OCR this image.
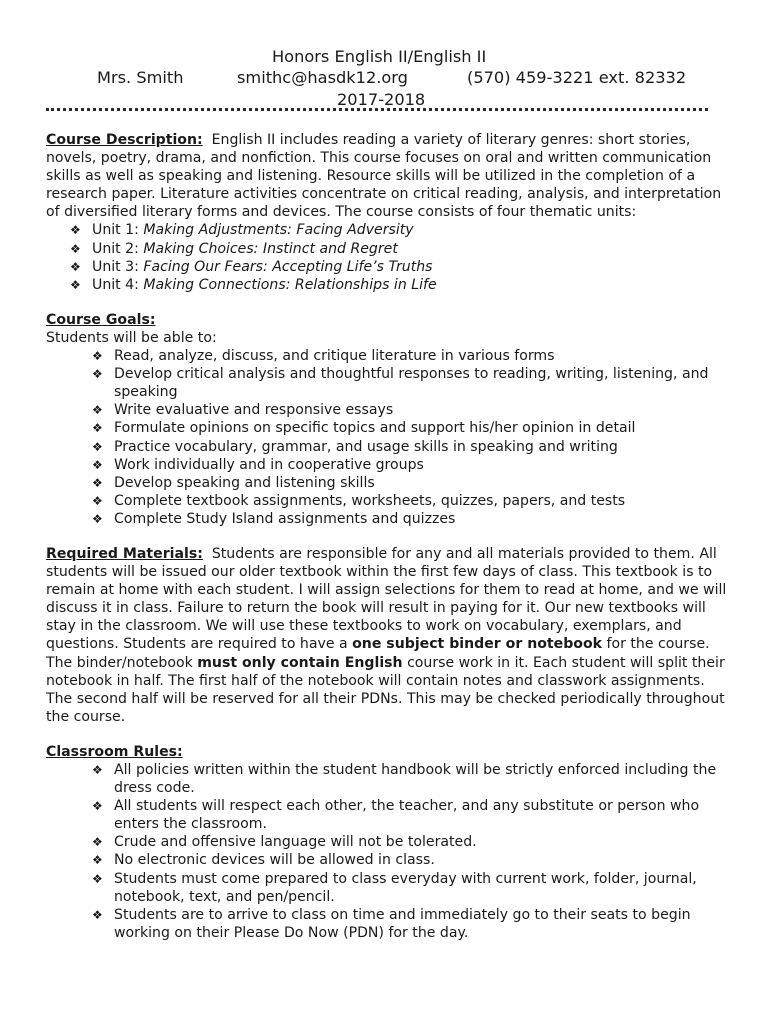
Honors English II/English II
Mrs. Smith	smithc@hasdk12.org	(570) 459-3221 ext. 82332
2017-2018

Course Description: English II includes reading a variety of literary genres: short stories, novels, poetry, drama, and nonfiction. This course focuses on oral and written communication skills as well as speaking and listening. Resource skills will be utilized in the completion of a research paper. Literature activities concentrate on critical reading, analysis, and interpretation of diversified literary forms and devices. The course consists of four thematic units:

❖ Unit 1: Making Adjustments: Facing Adversity
❖ Unit 2: Making Choices: Instinct and Regret
❖ Unit 3: Facing Our Fears: Accepting Life’s Truths
❖ Unit 4: Making Connections: Relationships in Life

Course Goals:

Students will be able to:

❖ Read, analyze, discuss, and critique literature in various forms
❖ Develop critical analysis and thoughtful responses to reading, writing, listening, and speaking
❖ Write evaluative and responsive essays
❖ Formulate opinions on specific topics and support his/her opinion in detail
❖ Practice vocabulary, grammar, and usage skills in speaking and writing
❖ Work individually and in cooperative groups
❖ Develop speaking and listening skills
❖ Complete textbook assignments, worksheets, quizzes, papers, and tests
❖ Complete Study Island assignments and quizzes

Required Materials: Students are responsible for any and all materials provided to them. All students will be issued our older textbook within the first few days of class. This textbook is to remain at home with each student. I will assign selections for them to read at home, and we will discuss it in class. Failure to return the book will result in paying for it. Our new textbooks will stay in the classroom. We will use these textbooks to work on vocabulary, exemplars, and questions. Students are required to have a one subject binder or notebook for the course. The binder/notebook must only contain English course work in it. Each student will split their notebook in half. The first half of the notebook will contain notes and classwork assignments. The second half will be reserved for all their PDNs. This may be checked periodically throughout the course.

Classroom Rules:

❖ All policies written within the student handbook will be strictly enforced including the dress code.
❖ All students will respect each other, the teacher, and any substitute or person who enters the classroom.
❖ Crude and offensive language will not be tolerated.
❖ No electronic devices will be allowed in class.
❖ Students must come prepared to class everyday with current work, folder, journal, notebook, text, and pen/pencil.
❖ Students are to arrive to class on time and immediately go to their seats to begin working on their Please Do Now (PDN) for the day.
